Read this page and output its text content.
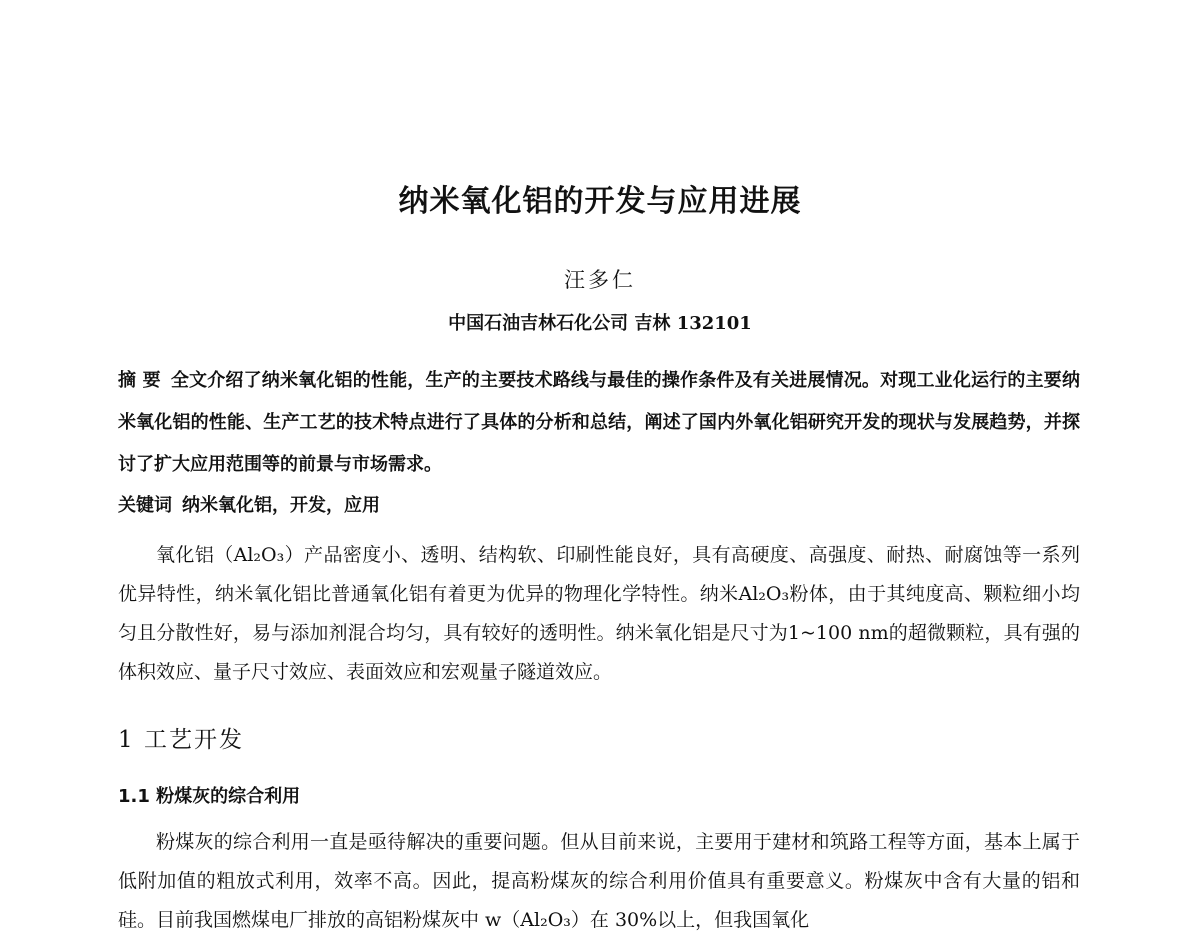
纳米氧化铝的开发与应用进展
汪多仁
中国石油吉林石化公司 吉林 132101
摘 要 全文介绍了纳米氧化铝的性能，生产的主要技术路线与最佳的操作条件及有关进展情况。对现工业化运行的主要纳米氧化铝的性能、生产工艺的技术特点进行了具体的分析和总结，阐述了国内外氧化铝研究开发的现状与发展趋势，并探讨了扩大应用范围等的前景与市场需求。
关键词 纳米氧化铝，开发，应用
氧化铝（Al₂O₃）产品密度小、透明、结构软、印刷性能良好，具有高硬度、高强度、耐热、耐腐蚀等一系列优异特性，纳米氧化铝比普通氧化铝有着更为优异的物理化学特性。纳米Al₂O₃粉体，由于其纯度高、颗粒细小均匀且分散性好，易与添加剂混合均匀，具有较好的透明性。纳米氧化铝是尺寸为1~100 nm的超微颗粒，具有强的体积效应、量子尺寸效应、表面效应和宏观量子隧道效应。
1 工艺开发
1.1 粉煤灰的综合利用
粉煤灰的综合利用一直是亟待解决的重要问题。但从目前来说，主要用于建材和筑路工程等方面，基本上属于低附加值的粗放式利用，效率不高。因此，提高粉煤灰的综合利用价值具有重要意义。粉煤灰中含有大量的铝和硅。目前我国燃煤电厂排放的高铝粉煤灰中 w（Al₂O₃）在 30%以上，但我国氧化
